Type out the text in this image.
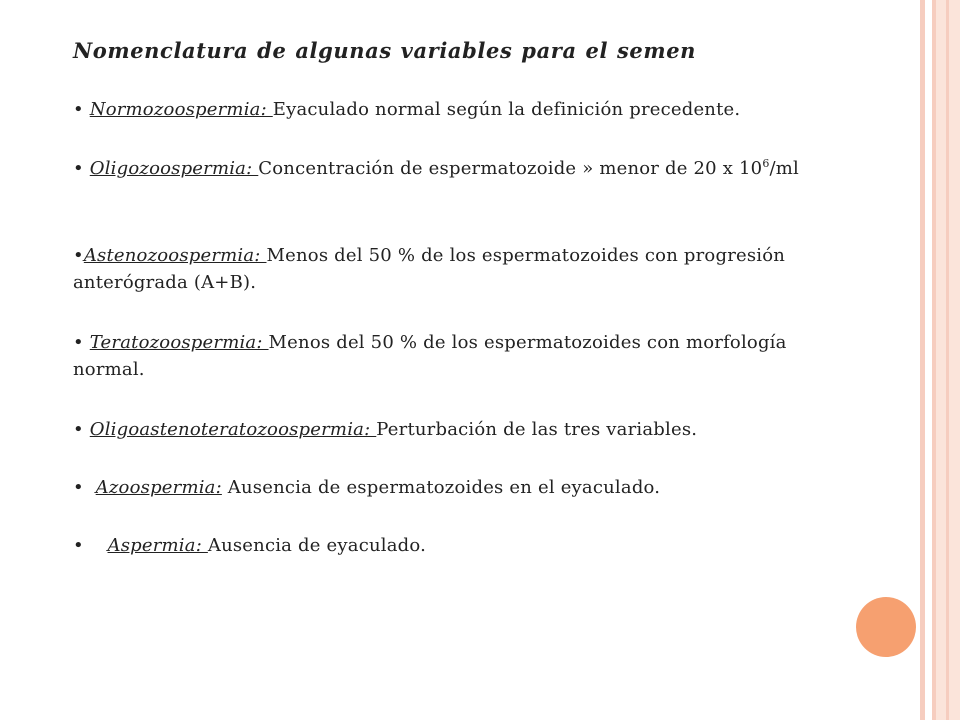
Nomenclatura de algunas variables para el semen

• Normozoospermia: Eyaculado normal según la definición precedente.

• Oligozoospermia: Concentración de espermatozoide » menor de 20 x $10^6/ml$

•Astenozoospermia: Menos del 50 % de los espermatozoides con progresión anterógrada (A+B).

• Teratozoospermia: Menos del 50 % de los espermatozoides con morfología normal.

• Oligoastenoteratozoospermia: Perturbación de las tres variables.

• Azoospermia: Ausencia de espermatozoides en el eyaculado.

• Aspermia: Ausencia de eyaculado.
